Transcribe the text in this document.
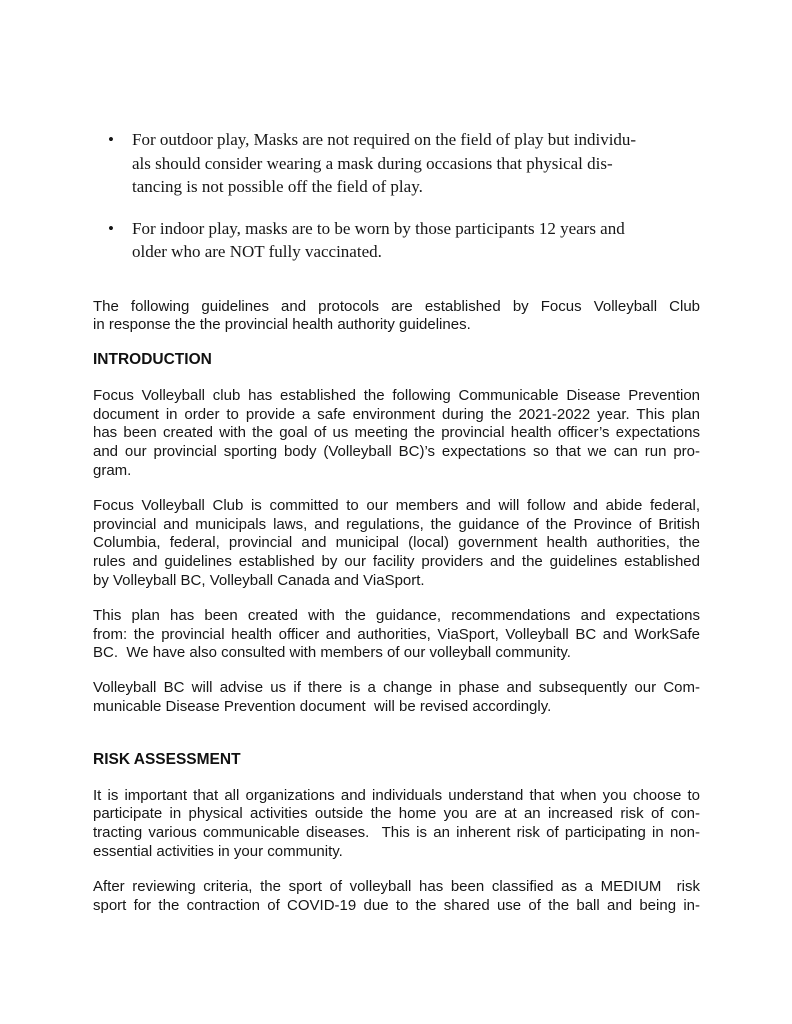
• For outdoor play, Masks are not required on the field of play but individu-
als should consider wearing a mask during occasions that physical dis-
tancing is not possible off the field of play.
• For indoor play, masks are to be worn by those participants 12 years and
older who are NOT fully vaccinated.
The following guidelines and protocols are established by Focus Volleyball Club
in response the the provincial health authority guidelines.
INTRODUCTION
Focus Volleyball club has established the following Communicable Disease Prevention
document in order to provide a safe environment during the 2021-2022 year. This plan
has been created with the goal of us meeting the provincial health officer’s expectations
and our provincial sporting body (Volleyball BC)’s expectations so that we can run pro-
gram.
Focus Volleyball Club is committed to our members and will follow and abide federal,
provincial and municipals laws, and regulations, the guidance of the Province of British
Columbia, federal, provincial and municipal (local) government health authorities, the
rules and guidelines established by our facility providers and the guidelines established
by Volleyball BC, Volleyball Canada and ViaSport.
This plan has been created with the guidance, recommendations and expectations
from: the provincial health officer and authorities, ViaSport, Volleyball BC and WorkSafe
BC.  We have also consulted with members of our volleyball community.
Volleyball BC will advise us if there is a change in phase and subsequently our Com-
municable Disease Prevention document  will be revised accordingly.
RISK ASSESSMENT
It is important that all organizations and individuals understand that when you choose to
participate in physical activities outside the home you are at an increased risk of con-
tracting various communicable diseases.  This is an inherent risk of participating in non-
essential activities in your community.
After reviewing criteria, the sport of volleyball has been classified as a MEDIUM  risk
sport for the contraction of COVID-19 due to the shared use of the ball and being in-
